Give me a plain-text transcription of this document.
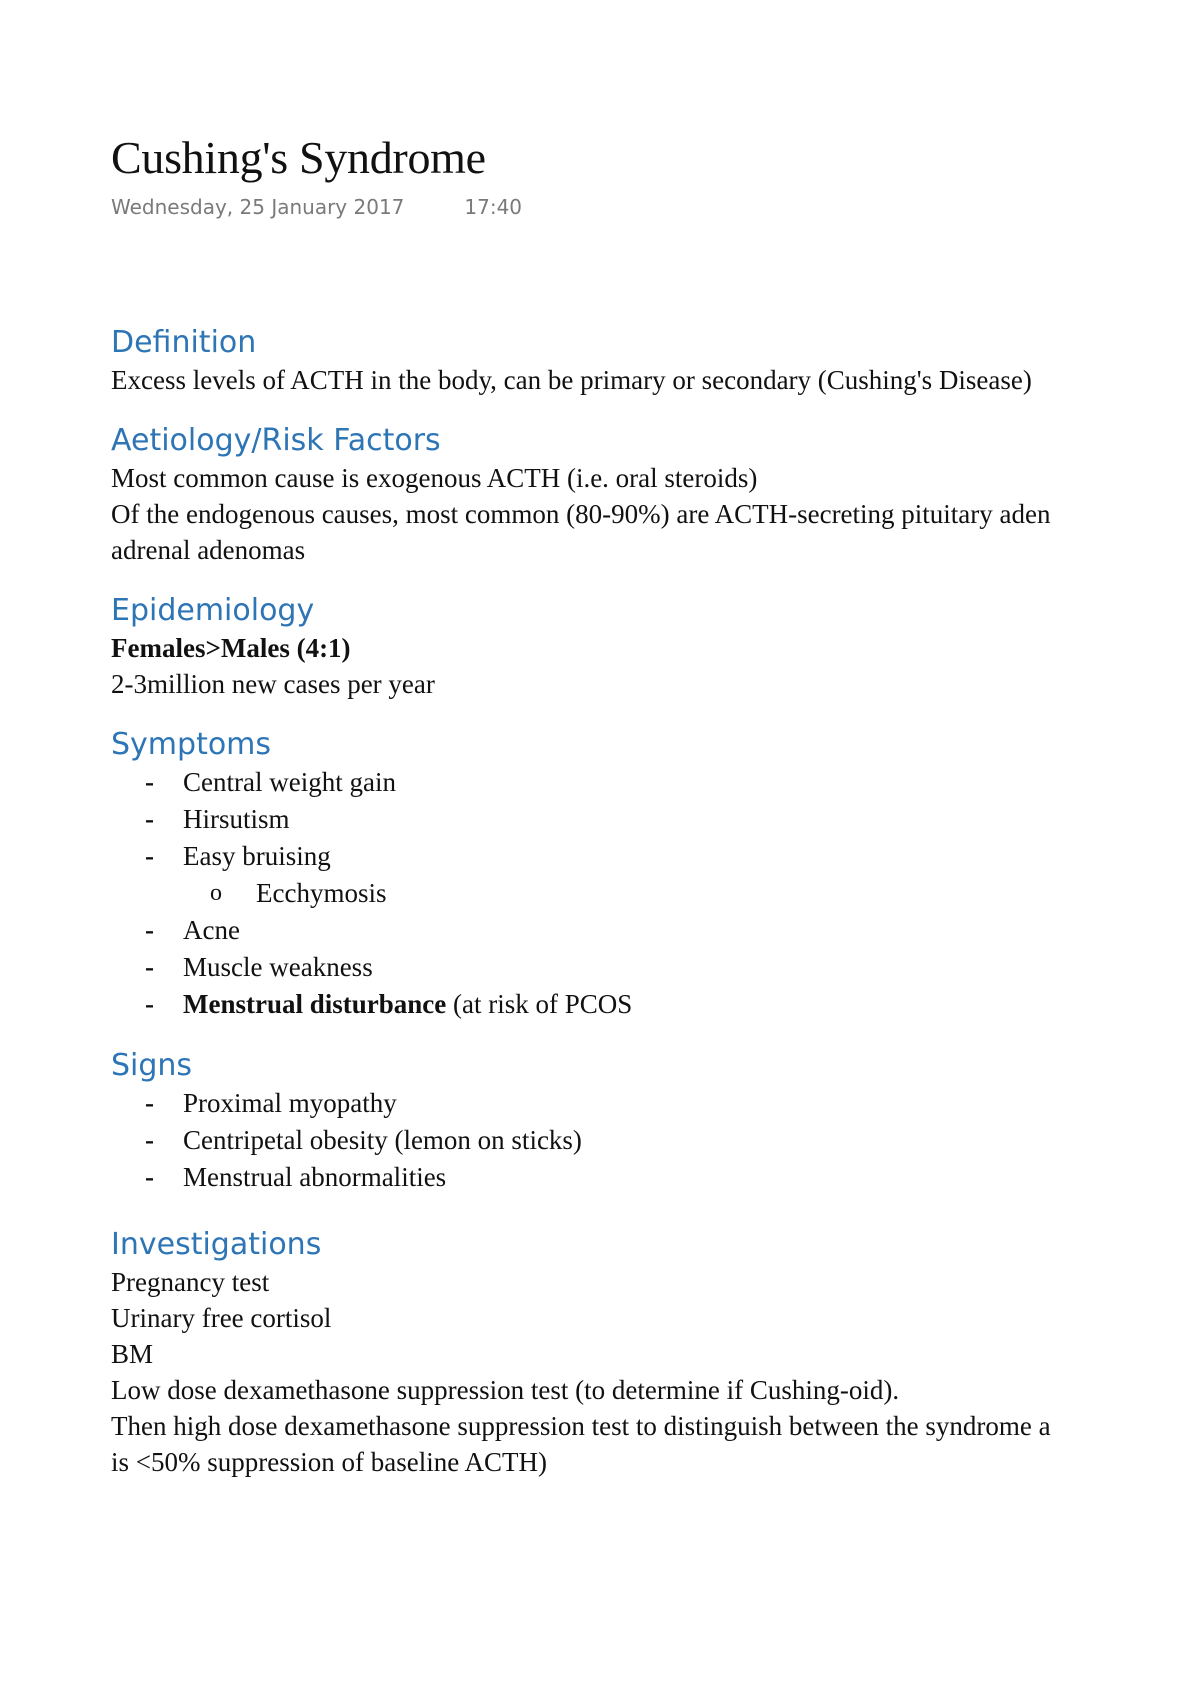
Cushing's Syndrome
Wednesday, 25 January 2017	17:40
Definition

Excess levels of ACTH in the body, can be primary or secondary (Cushing's Disease)

Aetiology/Risk Factors

Most common cause is exogenous ACTH (i.e. oral steroids)

Of the endogenous causes, most common (80-90%) are ACTH-secreting pituitary aden

adrenal adenomas

Epidemiology

Females>Males (4:1)

2-3million new cases per year

Symptoms
- Central weight gain
- Hirsutism
- Easy bruising
o Ecchymosis
- Acne
- Muscle weakness
- Menstrual disturbance (at risk of PCOS
Signs
- Proximal myopathy
- Centripetal obesity (lemon on sticks)
- Menstrual abnormalities
Investigations

Pregnancy test

Urinary free cortisol

BM

Low dose dexamethasone suppression test (to determine if Cushing-oid).

Then high dose dexamethasone suppression test to distinguish between the syndrome a

is <50% suppression of baseline ACTH)
